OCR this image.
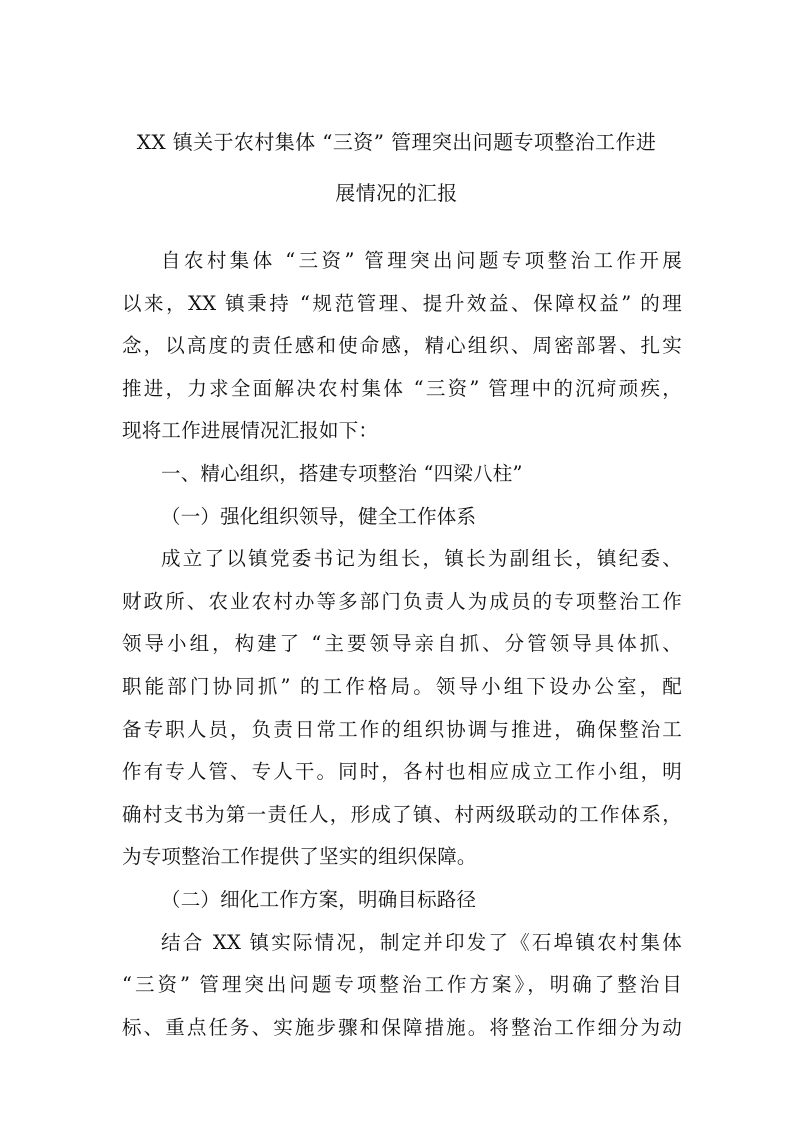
XX 镇关于农村集体 “三资” 管理突出问题专项整治工作进
展情况的汇报
自农村集体 “三资” 管理突出问题专项整治工作开展
以来，XX 镇秉持 “规范管理、提升效益、保障权益” 的理
念，以高度的责任感和使命感，精心组织、周密部署、扎实
推进，力求全面解决农村集体 “三资” 管理中的沉疴顽疾，
现将工作进展情况汇报如下：
一、精心组织，搭建专项整治 “四梁八柱”
（一）强化组织领导，健全工作体系
成立了以镇党委书记为组长，镇长为副组长，镇纪委、
财政所、农业农村办等多部门负责人为成员的专项整治工作
领导小组，构建了 “主要领导亲自抓、分管领导具体抓、
职能部门协同抓” 的工作格局。领导小组下设办公室，配
备专职人员，负责日常工作的组织协调与推进，确保整治工
作有专人管、专人干。同时，各村也相应成立工作小组，明
确村支书为第一责任人，形成了镇、村两级联动的工作体系，
为专项整治工作提供了坚实的组织保障。
（二）细化工作方案，明确目标路径
结合 XX 镇实际情况，制定并印发了《石埠镇农村集体
“三资” 管理突出问题专项整治工作方案》，明确了整治目
标、重点任务、实施步骤和保障措施。将整治工作细分为动
